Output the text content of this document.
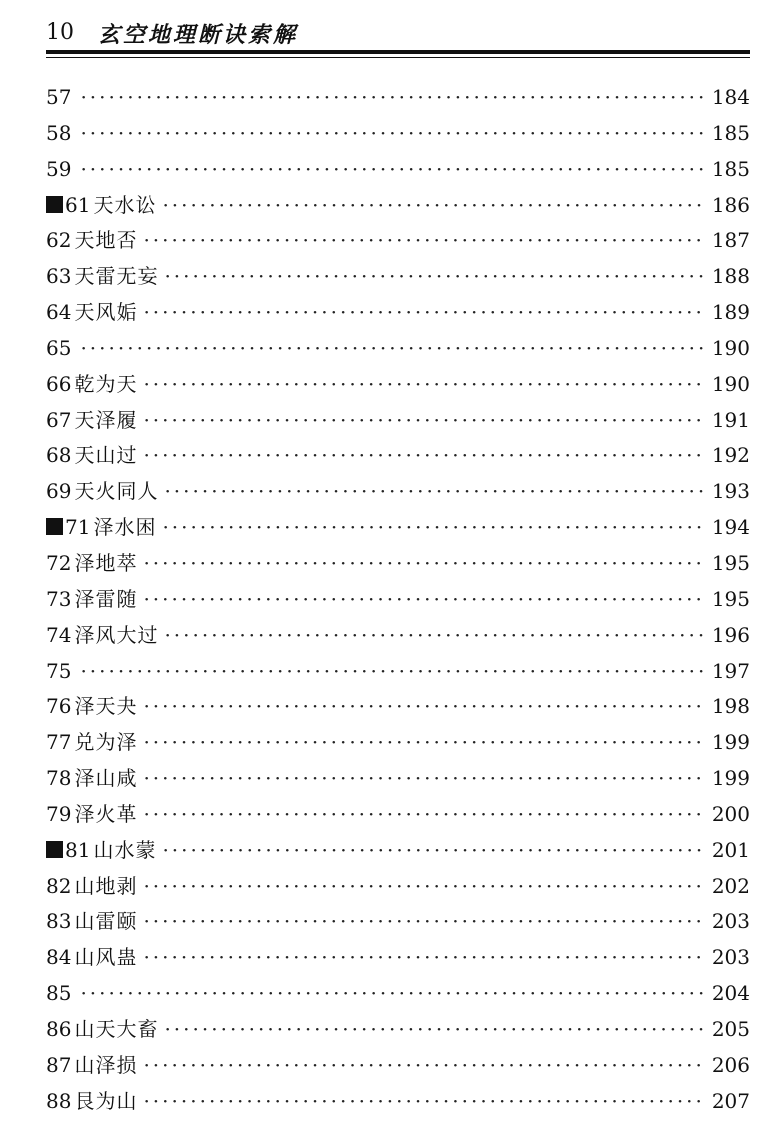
10 玄空地理断诀索解
57 ·····	184
58 ·····	185
59 ·····	185
61 天水讼 ·····	186
62 天地否 ·····	187
63 天雷无妄 ·····	188
64 天风姤 ·····	189
65 ·····	190
66 乾为天 ·····	190
67 天泽履 ·····	191
68 天山过 ·····	192
69 天火同人 ·····	193
71 泽水困 ·····	194
72 泽地萃 ·····	195
73 泽雷随 ·····	195
74 泽风大过 ·····	196
75 ·····	197
76 泽天夬 ·····	198
77 兑为泽 ·····	199
78 泽山咸 ·····	199
79 泽火革 ·····	200
81 山水蒙 ·····	201
82 山地剥 ·····	202
83 山雷颐 ·····	203
84 山风蛊 ·····	203
85 ·····	204
86 山天大畜 ·····	205
87 山泽损 ·····	206
88 艮为山 ·····	207
